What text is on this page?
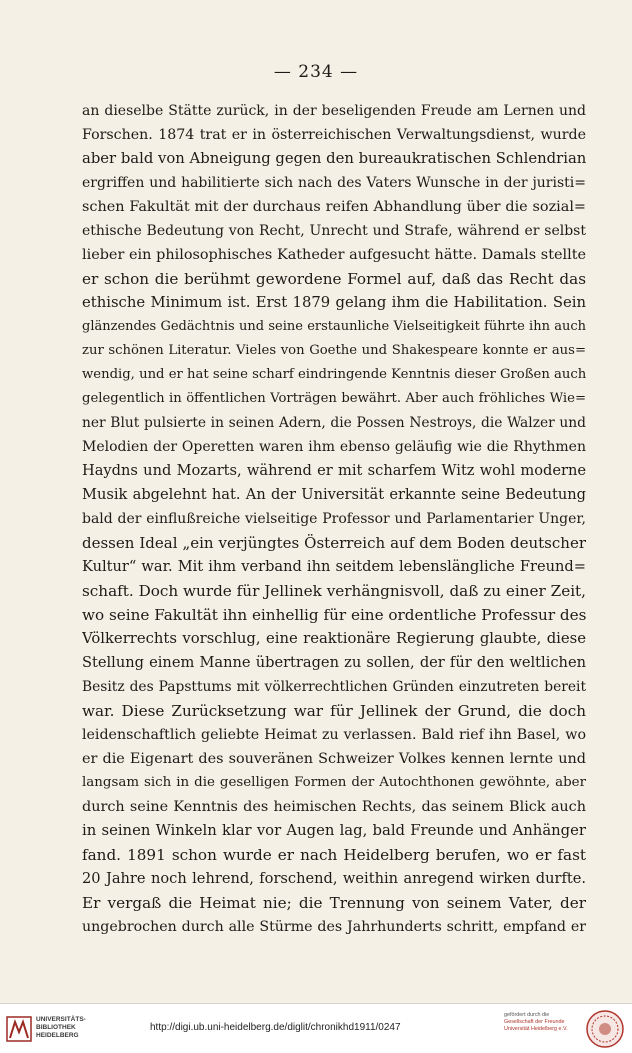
— 234 —
an dieselbe Stätte zurück, in der beseligenden Freude am Lernen und
Forschen. 1874 trat er in österreichischen Verwaltungsdienst, wurde
aber bald von Abneigung gegen den bureaukratischen Schlendrian
ergriffen und habilitierte sich nach des Vaters Wunsche in der juristi=
schen Fakultät mit der durchaus reifen Abhandlung über die sozial=
ethische Bedeutung von Recht, Unrecht und Strafe, während er selbst
lieber ein philosophisches Katheder aufgesucht hätte. Damals stellte
er schon die berühmt gewordene Formel auf, daß das Recht das
ethische Minimum ist. Erst 1879 gelang ihm die Habilitation. Sein
glänzendes Gedächtnis und seine erstaunliche Vielseitigkeit führte ihn auch
zur schönen Literatur. Vieles von Goethe und Shakespeare konnte er aus=
wendig, und er hat seine scharf eindringende Kenntnis dieser Großen auch
gelegentlich in öffentlichen Vorträgen bewährt. Aber auch fröhliches Wie=
ner Blut pulsierte in seinen Adern, die Possen Nestroys, die Walzer und
Melodien der Operetten waren ihm ebenso geläufig wie die Rhythmen
Haydns und Mozarts, während er mit scharfem Witz wohl moderne
Musik abgelehnt hat. An der Universität erkannte seine Bedeutung
bald der einflußreiche vielseitige Professor und Parlamentarier Unger,
dessen Ideal „ein verjüngtes Österreich auf dem Boden deutscher
Kultur“ war. Mit ihm verband ihn seitdem lebenslängliche Freund=
schaft. Doch wurde für Jellinek verhängnisvoll, daß zu einer Zeit,
wo seine Fakultät ihn einhellig für eine ordentliche Professur des
Völkerrechts vorschlug, eine reaktionäre Regierung glaubte, diese
Stellung einem Manne übertragen zu sollen, der für den weltlichen
Besitz des Papsttums mit völkerrechtlichen Gründen einzutreten bereit
war. Diese Zurücksetzung war für Jellinek der Grund, die doch
leidenschaftlich geliebte Heimat zu verlassen. Bald rief ihn Basel, wo
er die Eigenart des souveränen Schweizer Volkes kennen lernte und
langsam sich in die geselligen Formen der Autochthonen gewöhnte, aber
durch seine Kenntnis des heimischen Rechts, das seinem Blick auch
in seinen Winkeln klar vor Augen lag, bald Freunde und Anhänger
fand. 1891 schon wurde er nach Heidelberg berufen, wo er fast
20 Jahre noch lehrend, forschend, weithin anregend wirken durfte.
Er vergaß die Heimat nie; die Trennung von seinem Vater, der
ungebrochen durch alle Stürme des Jahrhunderts schritt, empfand er
UNIVERSITÄTS-
BIBLIOTHEK
HEIDELBERG
http://digi.ub.uni-heidelberg.de/diglit/chronikhd1911/0247
gefördert durch die
Gesellschaft der Freunde
Universität Heidelberg e.V.
